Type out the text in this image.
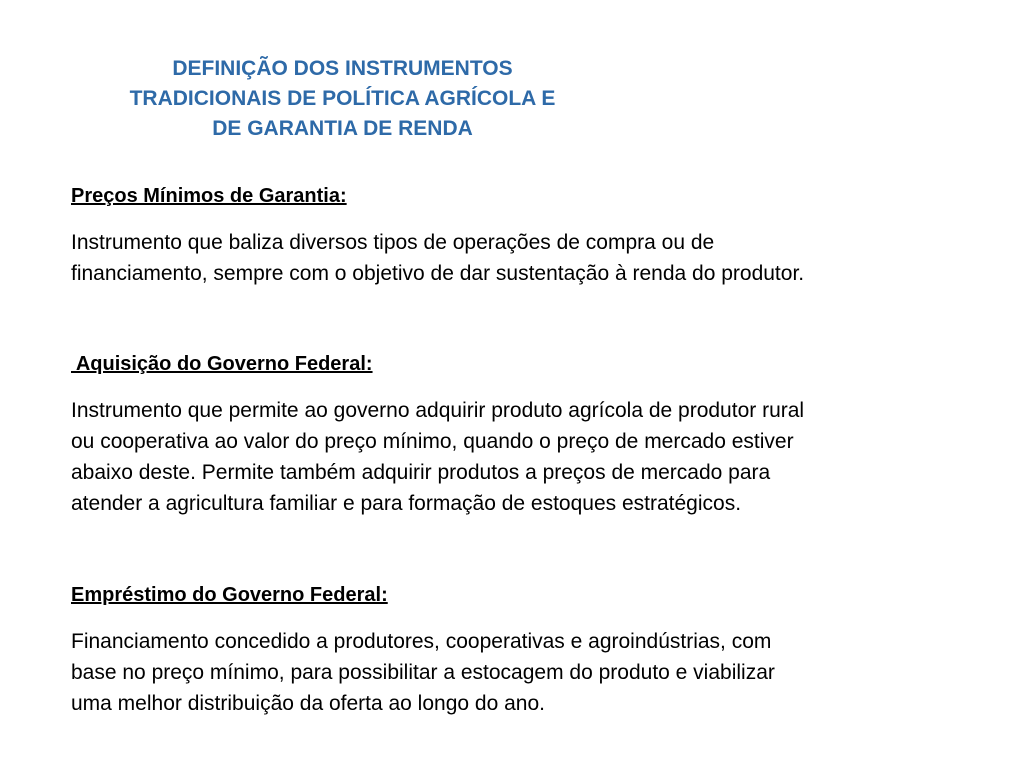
DEFINIÇÃO DOS INSTRUMENTOS
TRADICIONAIS DE POLÍTICA AGRÍCOLA E
DE GARANTIA DE RENDA
Preços Mínimos de Garantia:
Instrumento que baliza diversos tipos de operações de compra ou de
financiamento, sempre com o objetivo de dar sustentação à renda do produtor.
Aquisição do Governo Federal:
Instrumento que permite ao governo adquirir produto agrícola de produtor rural
ou cooperativa ao valor do preço mínimo, quando o preço de mercado estiver
abaixo deste. Permite também adquirir produtos a preços de mercado para
atender a agricultura familiar e para formação de estoques estratégicos.
Empréstimo do Governo Federal:
Financiamento concedido a produtores, cooperativas e agroindústrias, com
base no preço mínimo, para possibilitar a estocagem do produto e viabilizar
uma melhor distribuição da oferta ao longo do ano.
